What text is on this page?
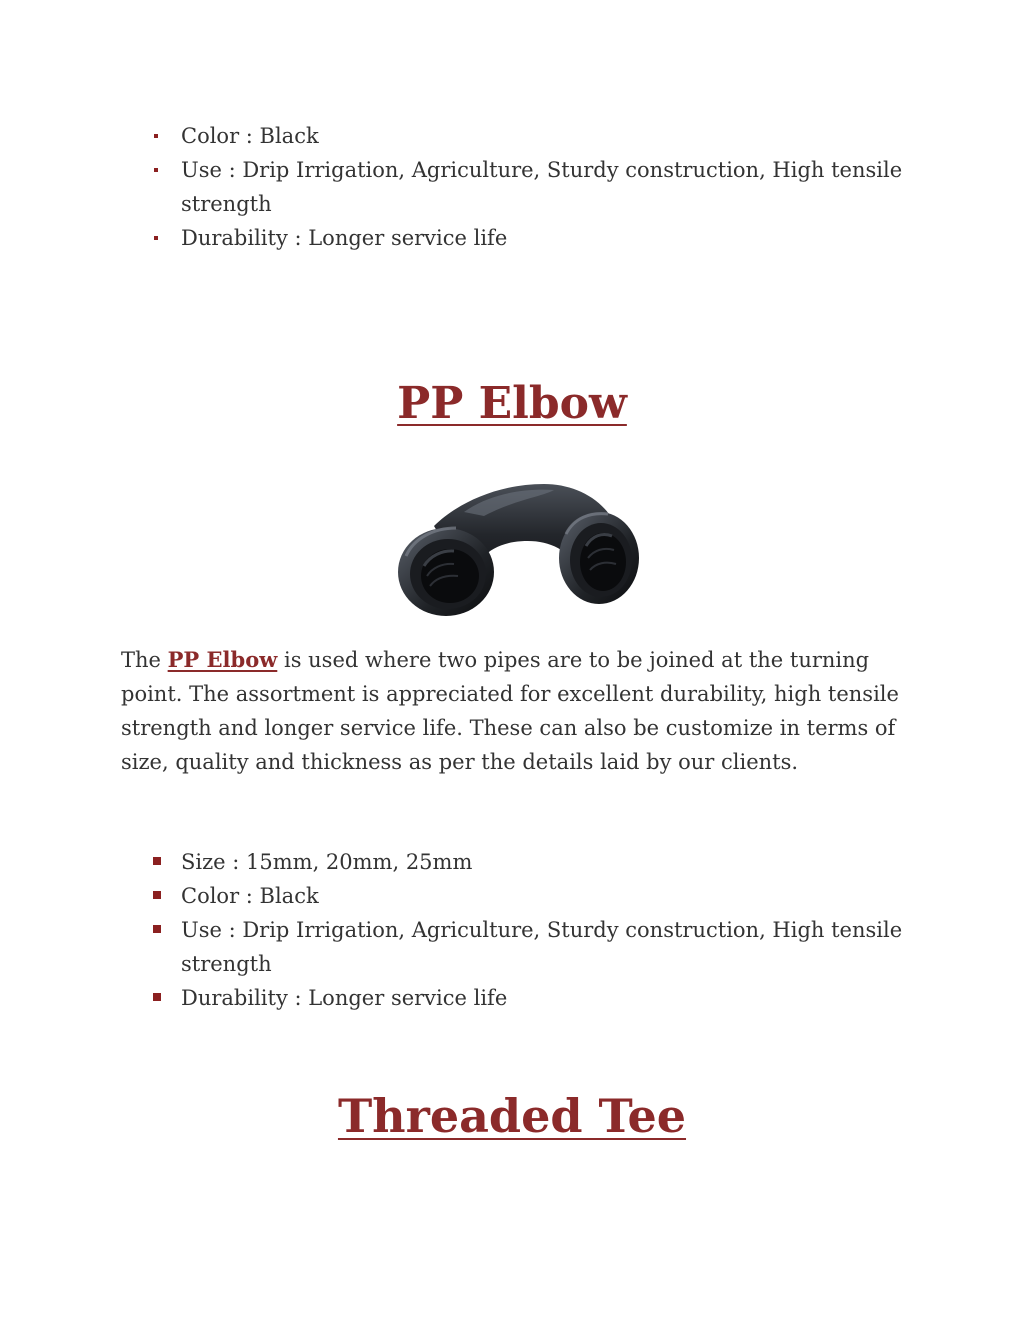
Color : Black
Use : Drip Irrigation, Agriculture, Sturdy construction, High tensile strength
Durability : Longer service life
PP Elbow

The PP Elbow is used where two pipes are to be joined at the turning point. The assortment is appreciated for excellent durability, high tensile strength and longer service life. These can also be customize in terms of size, quality and thickness as per the details laid by our clients.

Size : 15mm, 20mm, 25mm
Color : Black
Use : Drip Irrigation, Agriculture, Sturdy construction, High tensile strength
Durability : Longer service life
Threaded Tee
